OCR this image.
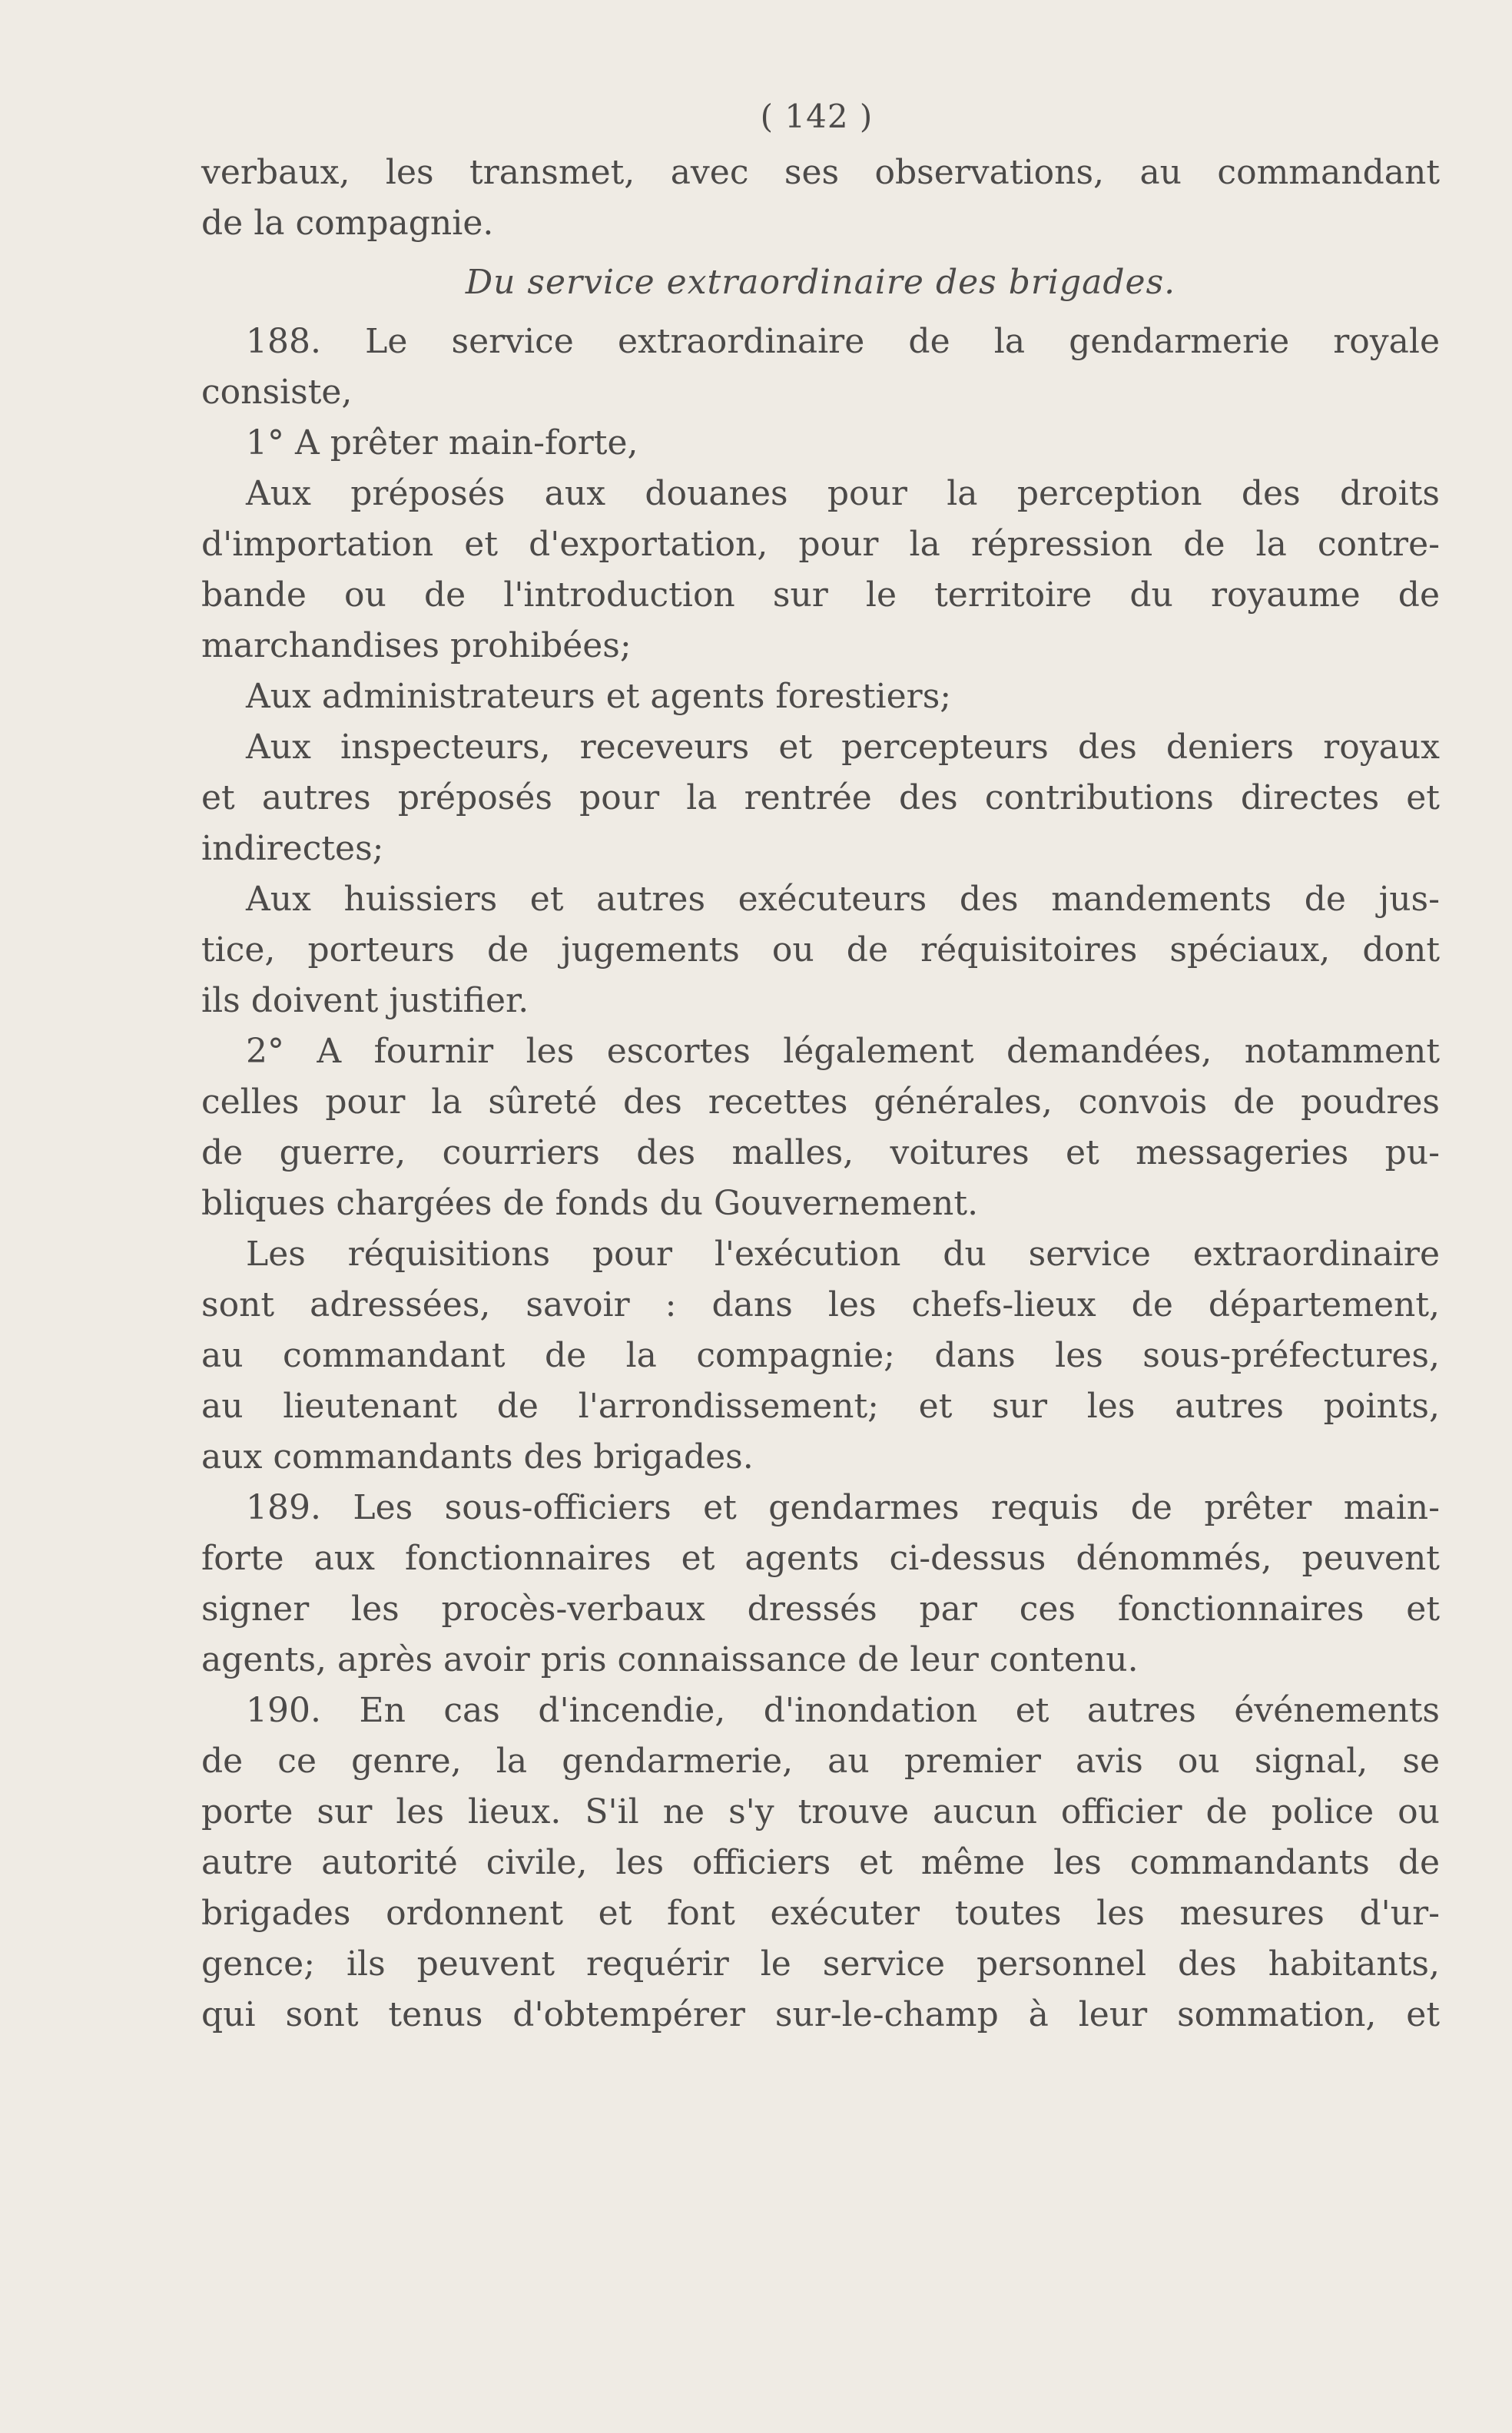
( 142 )
verbaux, les transmet, avec ses observations, au commandant
de la compagnie.
Du service extraordinaire des brigades.
188. Le service extraordinaire de la gendarmerie royale
consiste,
1° A prêter main-forte,
Aux préposés aux douanes pour la perception des droits
d'importation et d'exportation, pour la répression de la contre-
bande ou de l'introduction sur le territoire du royaume de
marchandises prohibées;
Aux administrateurs et agents forestiers;
Aux inspecteurs, receveurs et percepteurs des deniers royaux
et autres préposés pour la rentrée des contributions directes et
indirectes;
Aux huissiers et autres exécuteurs des mandements de jus-
tice, porteurs de jugements ou de réquisitoires spéciaux, dont
ils doivent justifier.
2° A fournir les escortes légalement demandées, notamment
celles pour la sûreté des recettes générales, convois de poudres
de guerre, courriers des malles, voitures et messageries pu-
bliques chargées de fonds du Gouvernement.
Les réquisitions pour l'exécution du service extraordinaire
sont adressées, savoir : dans les chefs-lieux de département,
au commandant de la compagnie; dans les sous-préfectures,
au lieutenant de l'arrondissement; et sur les autres points,
aux commandants des brigades.
189. Les sous-officiers et gendarmes requis de prêter main-
forte aux fonctionnaires et agents ci-dessus dénommés, peuvent
signer les procès-verbaux dressés par ces fonctionnaires et
agents, après avoir pris connaissance de leur contenu.
190. En cas d'incendie, d'inondation et autres événements
de ce genre, la gendarmerie, au premier avis ou signal, se
porte sur les lieux. S'il ne s'y trouve aucun officier de police ou
autre autorité civile, les officiers et même les commandants de
brigades ordonnent et font exécuter toutes les mesures d'ur-
gence; ils peuvent requérir le service personnel des habitants,
qui sont tenus d'obtempérer sur-le-champ à leur sommation, et
